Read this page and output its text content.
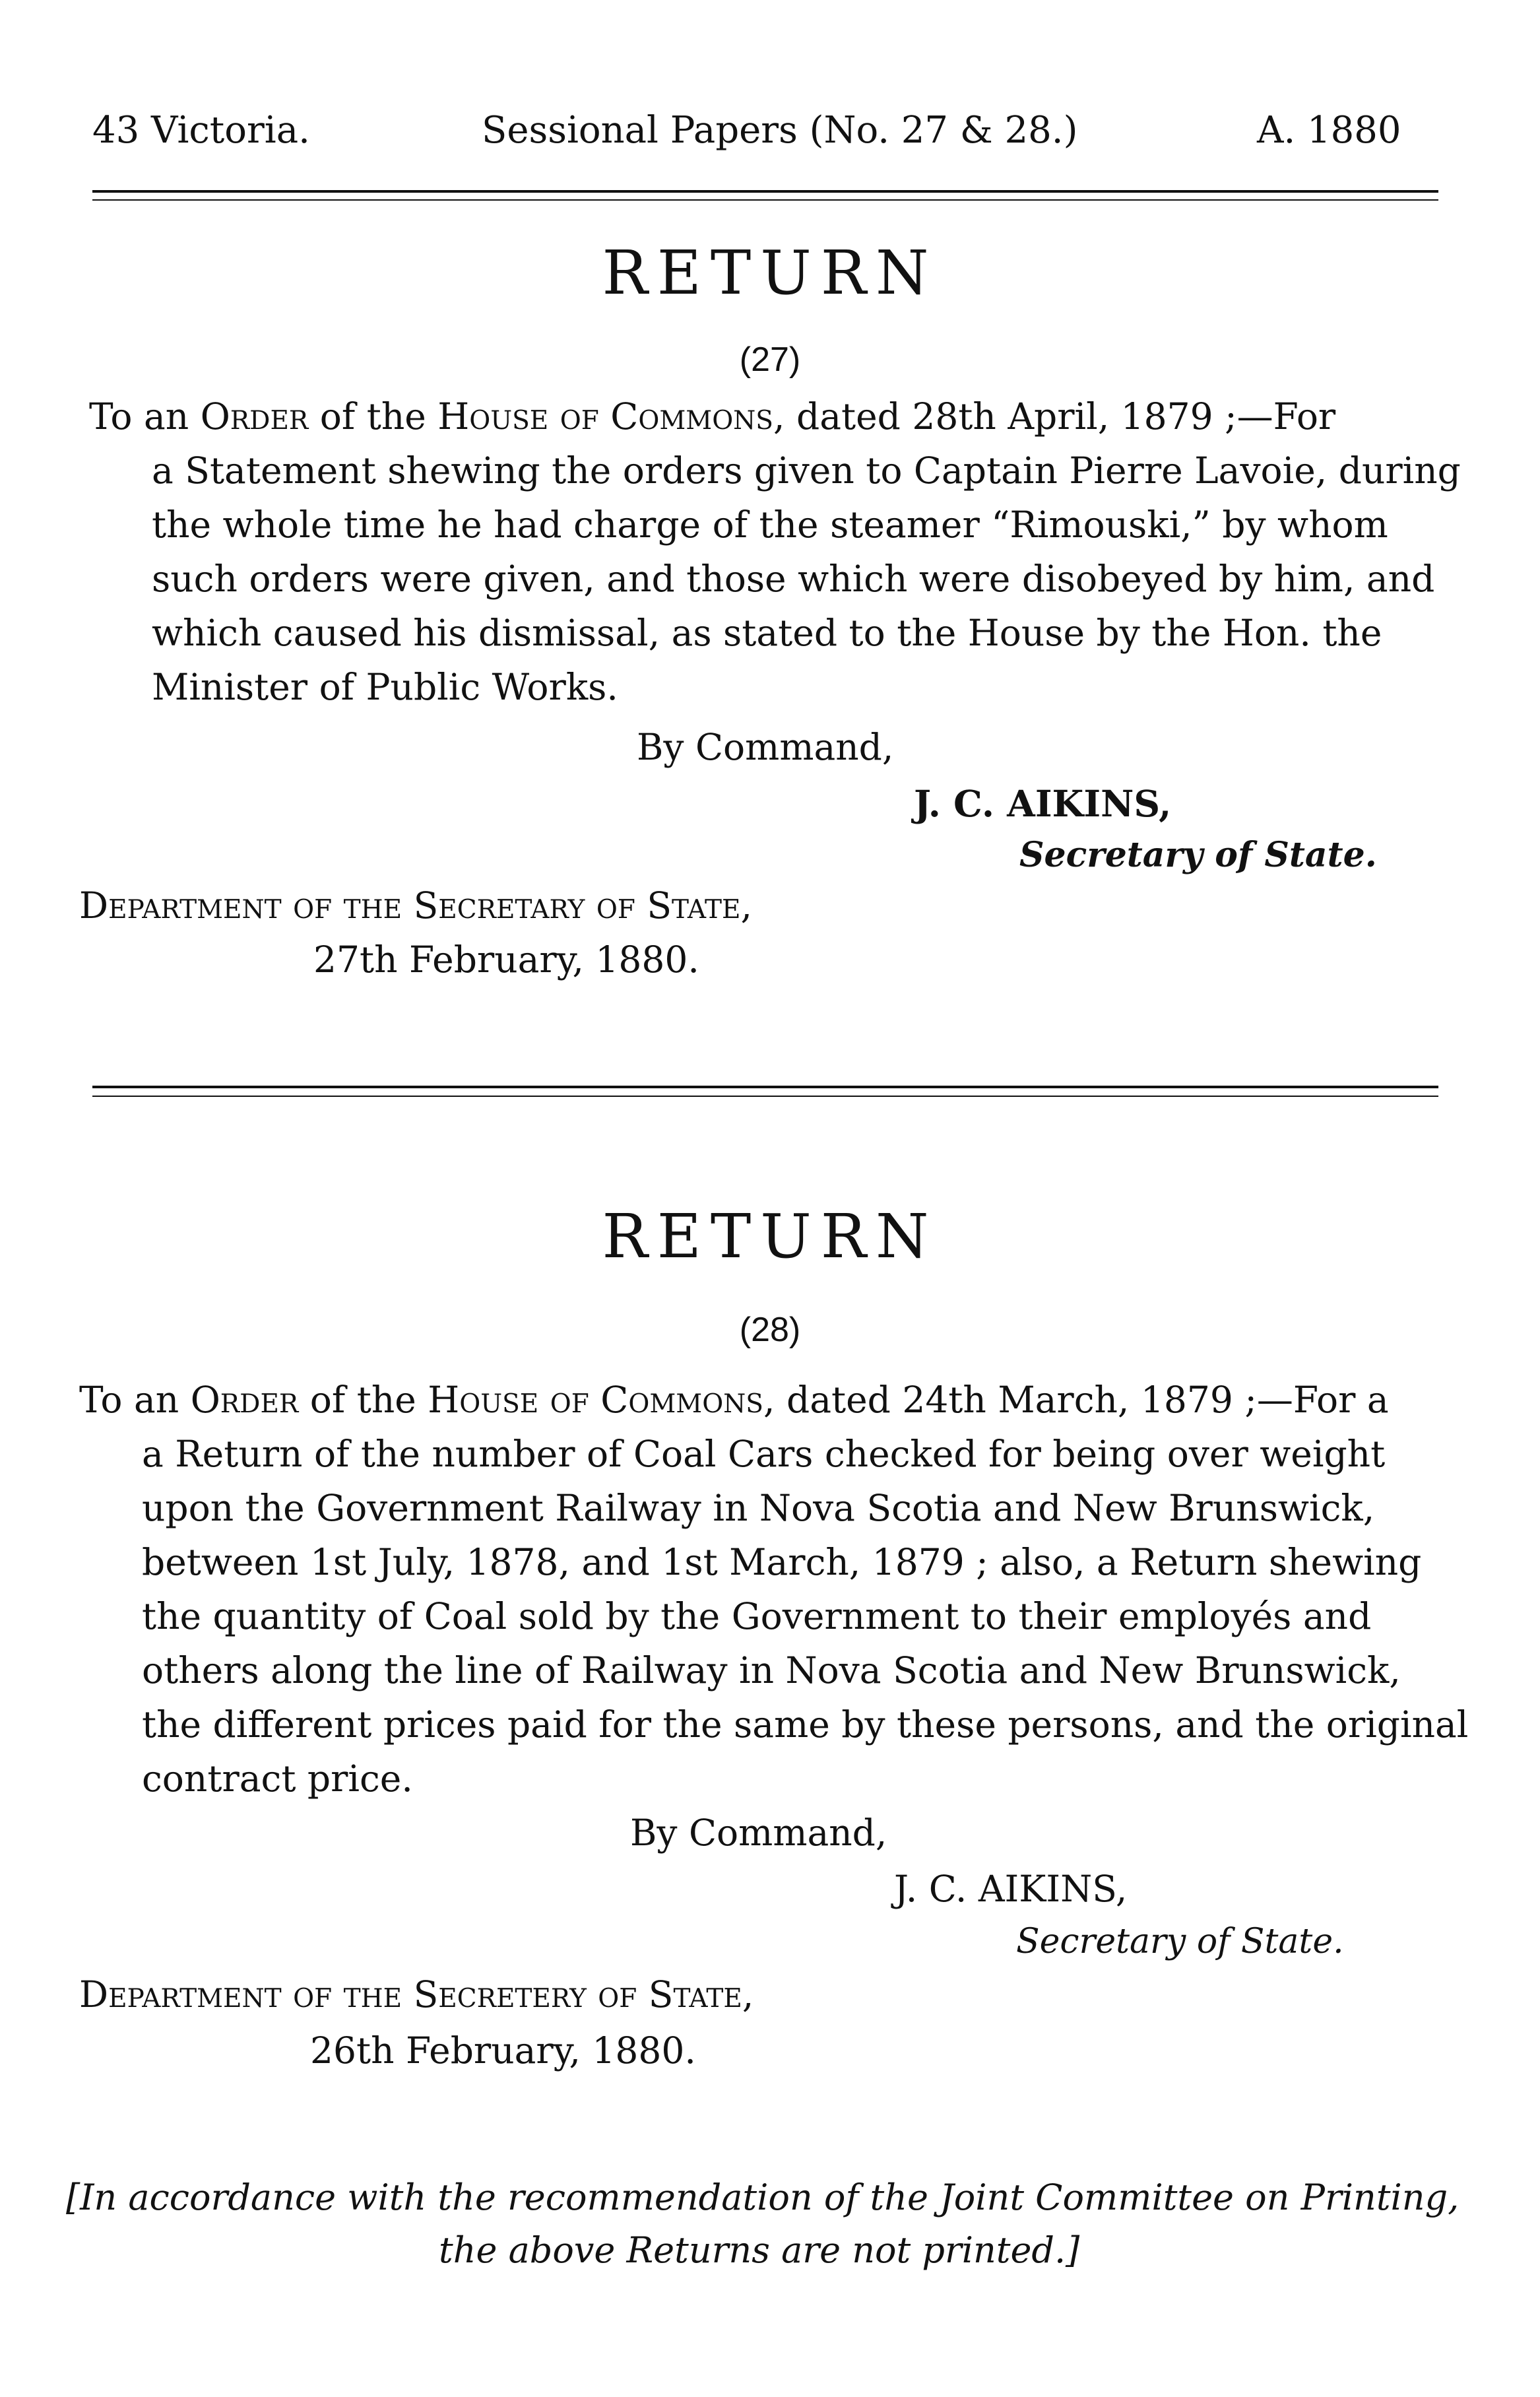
43 Victoria.	Sessional Papers (No. 27 & 28.)	A. 1880
RETURN
(27)
To an Order of the House of Commons, dated 28th April, 1879 ;—For
a Statement shewing the orders given to Captain Pierre Lavoie, during
the whole time he had charge of the steamer “Rimouski,” by whom
such orders were given, and those which were disobeyed by him, and
which caused his dismissal, as stated to the House by the Hon. the
Minister of Public Works.
By Command,
J. C. AIKINS,
Secretary of State.
Department of the Secretary of State,
27th February, 1880.
RETURN
(28)
To an Order of the House of Commons, dated 24th March, 1879 ;—For a
a Return of the number of Coal Cars checked for being over weight
upon the Government Railway in Nova Scotia and New Brunswick,
between 1st July, 1878, and 1st March, 1879 ; also, a Return shewing
the quantity of Coal sold by the Government to their employés and
others along the line of Railway in Nova Scotia and New Brunswick,
the different prices paid for the same by these persons, and the original
contract price.
By Command,
J. C. AIKINS,
Secretary of State.
Department of the Secretery of State,
26th February, 1880.
[In accordance with the recommendation of the Joint Committee on Printing,
the above Returns are not printed.]
